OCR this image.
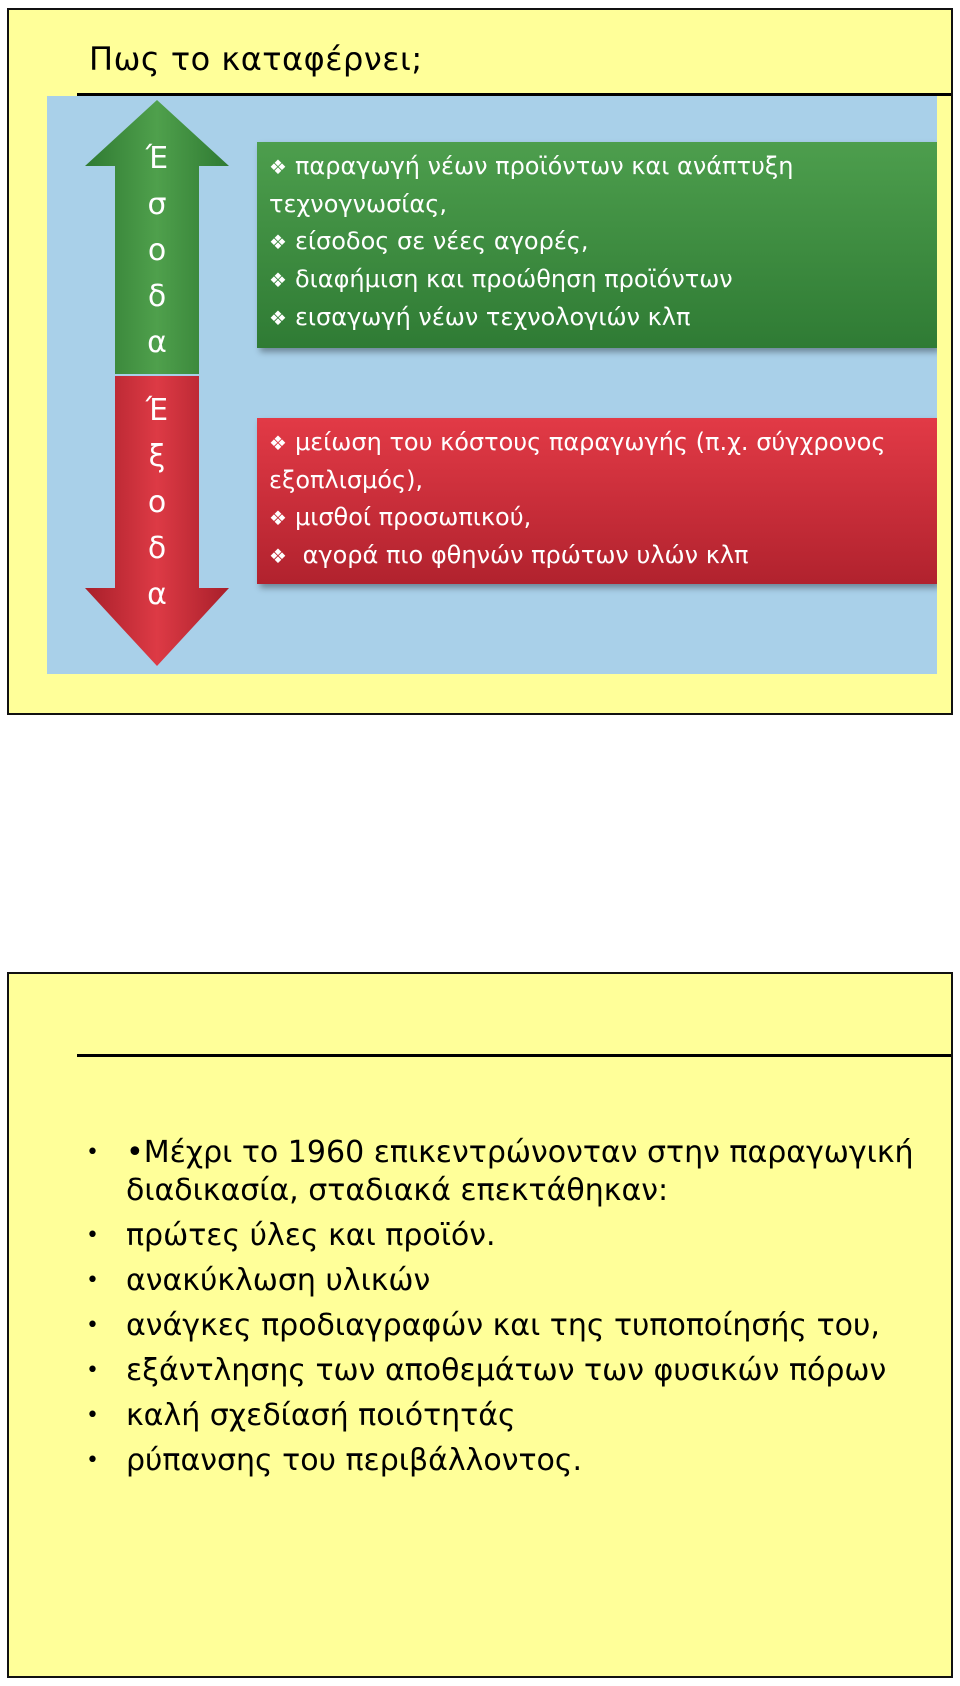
Πως το καταφέρνει;
Έ
σ
ο
δ
α
Έ
ξ
ο
δ
α
❖ παραγωγή νέων προϊόντων και ανάπτυξη
τεχνογνωσίας,
❖ είσοδος σε νέες αγορές,
❖ διαφήμιση και προώθηση προϊόντων
❖ εισαγωγή νέων τεχνολογιών κλπ
❖ μείωση του κόστους παραγωγής (π.χ. σύγχρονος
εξοπλισμός),
❖ μισθοί προσωπικού,
❖ αγορά πιο φθηνών πρώτων υλών κλπ
• •Μέχρι το 1960 επικεντρώνονταν στην παραγωγική διαδικασία, σταδιακά επεκτάθηκαν:
• πρώτες ύλες και προϊόν.
• ανακύκλωση υλικών
• ανάγκες προδιαγραφών και της τυποποίησής του,
• εξάντλησης των αποθεμάτων των φυσικών πόρων
• καλή σχεδίασή ποιότητάς
• ρύπανσης του περιβάλλοντος.
